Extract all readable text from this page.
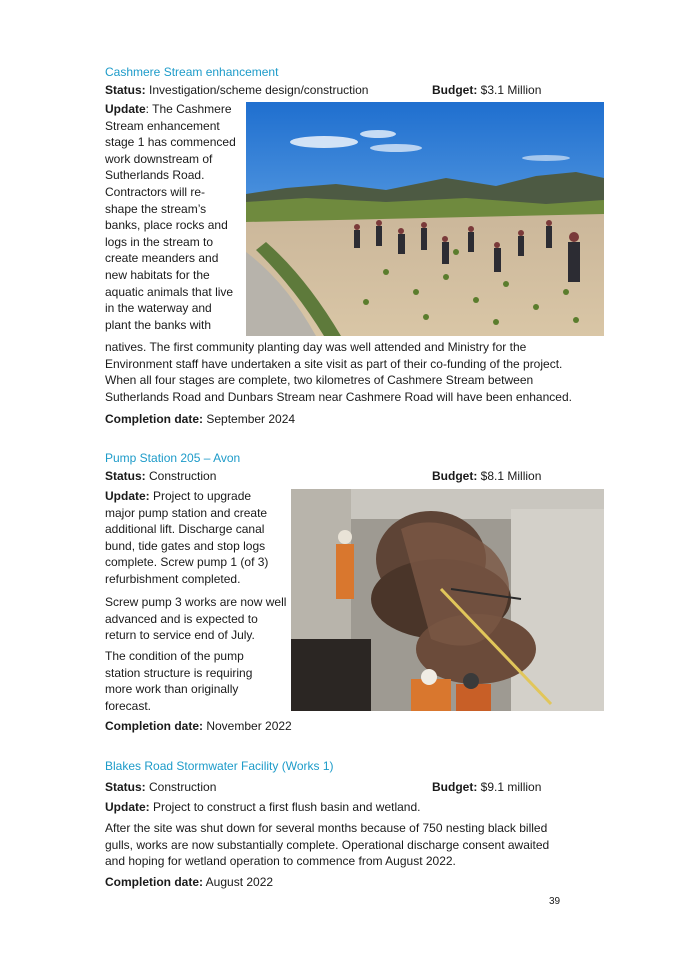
Cashmere Stream enhancement
Status: Investigation/scheme design/construction	Budget: $3.1 Million
Update: The Cashmere
Stream enhancement
stage 1 has commenced
work downstream of
Sutherlands Road.
Contractors will re-
shape the stream’s
banks, place rocks and
logs in the stream to
create meanders and
new habitats for the
aquatic animals that live
in the waterway and
plant the banks with
natives. The first community planting day was well attended and Ministry for the
Environment staff have undertaken a site visit as part of their co-funding of the project.
When all four stages are complete, two kilometres of Cashmere Stream between
Sutherlands Road and Dunbars Stream near Cashmere Road will have been enhanced.
Completion date: September 2024
Pump Station 205 – Avon
Status: Construction	Budget: $8.1 Million
Update: Project to upgrade
major pump station and create
additional lift. Discharge canal
bund, tide gates and stop logs
complete. Screw pump 1 (of 3)
refurbishment completed.
Screw pump 3 works are now well
advanced and is expected to
return to service end of July.
The condition of the pump
station structure is requiring
more work than originally
forecast.
Completion date: November 2022
Blakes Road Stormwater Facility (Works 1)
Status: Construction	Budget: $9.1 million
Update: Project to construct a first flush basin and wetland.
After the site was shut down for several months because of 750 nesting black billed
gulls, works are now substantially complete. Operational discharge consent awaited
and hoping for wetland operation to commence from August 2022.
Completion date: August 2022
39
